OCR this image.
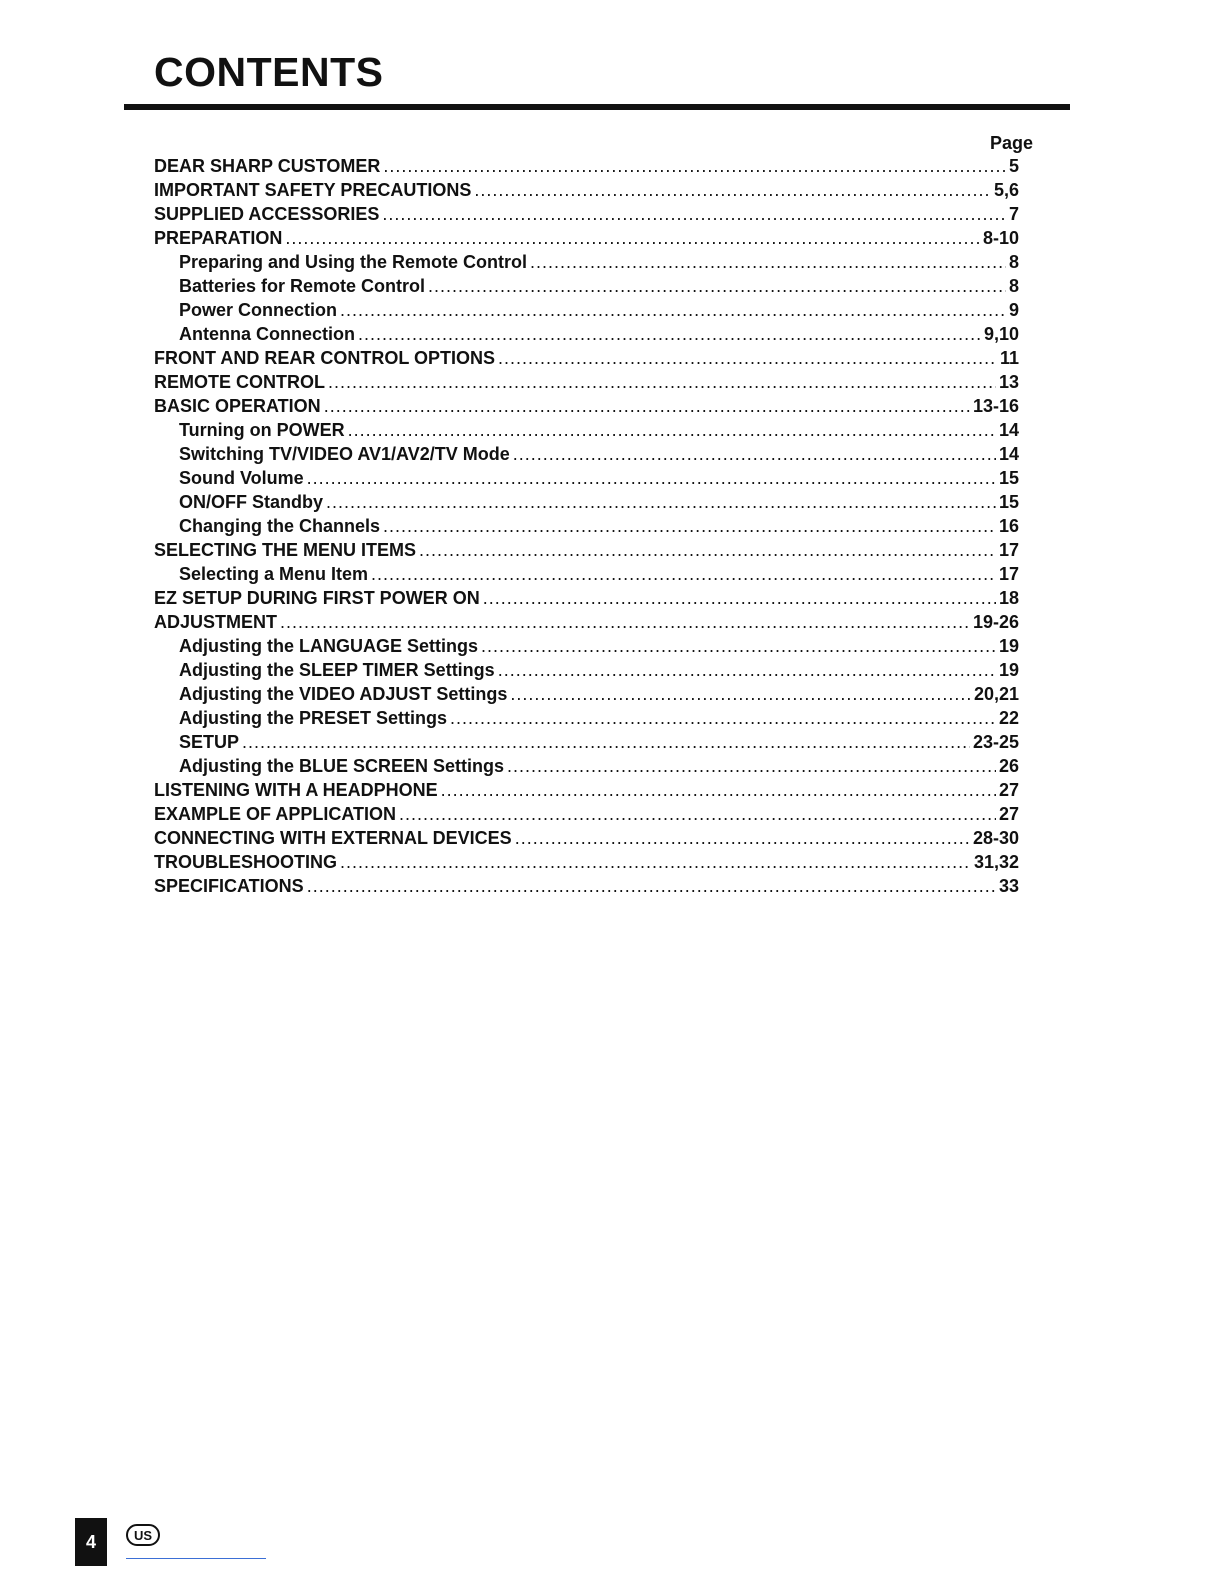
CONTENTS
Page
DEAR SHARP CUSTOMER .....	5
IMPORTANT SAFETY PRECAUTIONS .....	5,6
SUPPLIED ACCESSORIES .....	7
PREPARATION .....	8-10
Preparing and Using the Remote Control .....	8
Batteries for Remote Control .....	8
Power Connection .....	9
Antenna Connection .....	9,10
FRONT AND REAR CONTROL OPTIONS .....	11
REMOTE CONTROL .....	13
BASIC OPERATION .....	13-16
Turning on POWER .....	14
Switching TV/VIDEO AV1/AV2/TV Mode .....	14
Sound Volume .....	15
ON/OFF Standby .....	15
Changing the Channels .....	16
SELECTING THE MENU ITEMS .....	17
Selecting a Menu Item .....	17
EZ SETUP DURING FIRST POWER ON .....	18
ADJUSTMENT .....	19-26
Adjusting the LANGUAGE Settings .....	19
Adjusting the SLEEP TIMER Settings .....	19
Adjusting the VIDEO ADJUST Settings .....	20,21
Adjusting the PRESET Settings .....	22
SETUP .....	23-25
Adjusting the BLUE SCREEN Settings .....	26
LISTENING WITH A HEADPHONE .....	27
EXAMPLE OF APPLICATION .....	27
CONNECTING WITH EXTERNAL DEVICES .....	28-30
TROUBLESHOOTING .....	31,32
SPECIFICATIONS .....	33
4	US
